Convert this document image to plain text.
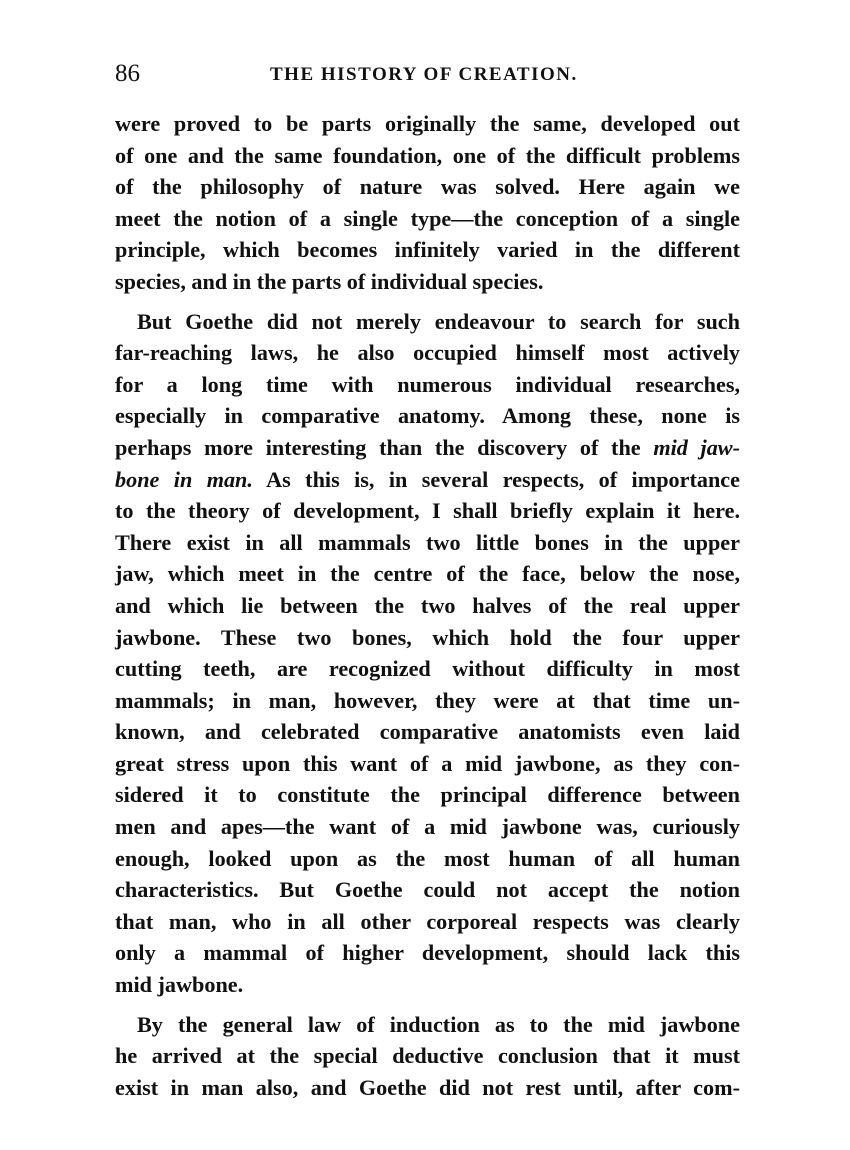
86	THE HISTORY OF CREATION.

were proved to be parts originally the same, developed out
of one and the same foundation, one of the difficult problems
of the philosophy of nature was solved. Here again we
meet the notion of a single type—the conception of a single
principle, which becomes infinitely varied in the different
species, and in the parts of individual species.

But Goethe did not merely endeavour to search for such
far-reaching laws, he also occupied himself most actively
for a long time with numerous individual researches,
especially in comparative anatomy. Among these, none is
perhaps more interesting than the discovery of the mid jaw-
bone in man. As this is, in several respects, of importance
to the theory of development, I shall briefly explain it here.
There exist in all mammals two little bones in the upper
jaw, which meet in the centre of the face, below the nose,
and which lie between the two halves of the real upper
jawbone. These two bones, which hold the four upper
cutting teeth, are recognized without difficulty in most
mammals; in man, however, they were at that time un-
known, and celebrated comparative anatomists even laid
great stress upon this want of a mid jawbone, as they con-
sidered it to constitute the principal difference between
men and apes—the want of a mid jawbone was, curiously
enough, looked upon as the most human of all human
characteristics. But Goethe could not accept the notion
that man, who in all other corporeal respects was clearly
only a mammal of higher development, should lack this
mid jawbone.

By the general law of induction as to the mid jawbone
he arrived at the special deductive conclusion that it must
exist in man also, and Goethe did not rest until, after com-
